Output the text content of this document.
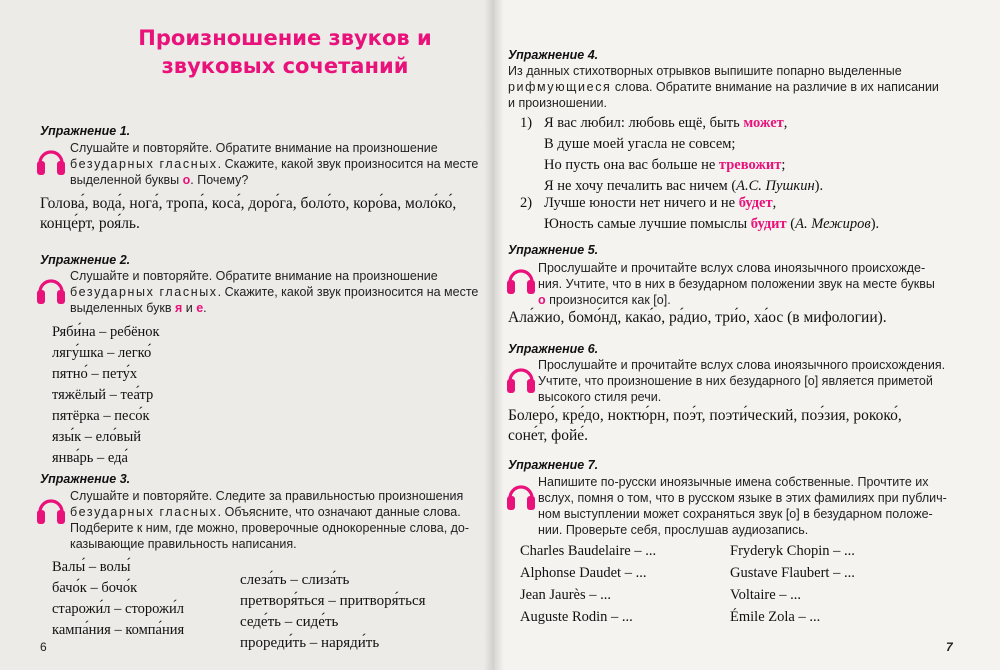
Произношение звуков и звуковых сочетаний
Упражнение 1.
Слушайте и повторяйте. Обратите внимание на произношение
безударных гласных. Скажите, какой звук произносится на месте
выделенной буквы о. Почему?
Голова́, вода́, нога́, тропа́, коса́, доро́га, боло́то, коро́ва, моло́ко́,
конце́рт, роя́ль.
Упражнение 2.
Слушайте и повторяйте. Обратите внимание на произношение
безударных гласных. Скажите, какой звук произносится на месте
выделенных букв я и е.
Ряби́на – ребёнок
лягу́шка – легко́
пятно́ – пету́х
тяжёлый – теа́тр
пятёрка – песо́к
язы́к – ело́вый
янва́рь – еда́
Упражнение 3.
Слушайте и повторяйте. Следите за правильностью произношения
безударных гласных. Объясните, что означают данные слова.
Подберите к ним, где можно, проверочные однокоренные слова, до-
казывающие правильность написания.
Валы́ – волы́
бачо́к – бочо́к
старожи́л – сторожи́л
кампа́ния – компа́ния
слеза́ть – слиза́ть
претворя́ться – притворя́ться
седе́ть – сиде́ть
прореди́ть – наряди́ть
6
Упражнение 4.
Из данных стихотворных отрывков выпишите попарно выделенные
рифмующиеся слова. Обратите внимание на различие в их написании
и произношении.
1) Я вас любил: любовь ещё, быть может,
В душе моей угасла не совсем;
Но пусть она вас больше не тревожит;
Я не хочу печалить вас ничем (А.С. Пушкин).
2) Лучше юности нет ничего и не будет,
Юность самые лучшие помыслы будит (А. Межиров).
Упражнение 5.
Прослушайте и прочитайте вслух слова иноязычного происхожде-
ния. Учтите, что в них в безударном положении звук на месте буквы
о произносится как [о].
Ала́жио, бомо́нд, кака́о, ра́дио, три́о, ха́ос (в мифологии).
Упражнение 6.
Прослушайте и прочитайте вслух слова иноязычного происхождения.
Учтите, что произношение в них безударного [о] является приметой
высокого стиля речи.
Болеро́, кре́до, ноктю́рн, поэ́т, поэти́ческий, поэ́зия, рококо́,
соне́т, фойе́.
Упражнение 7.
Напишите по-русски иноязычные имена собственные. Прочтите их
вслух, помня о том, что в русском языке в этих фамилиях при публич-
ном выступлении может сохраняться звук [о] в безударном положе-
нии. Проверьте себя, прослушав аудиозапись.
Charles Baudelaire – ...
Alphonse Daudet – ...
Jean Jaurès – ...
Auguste Rodin – ...
Fryderyk Chopin – ...
Gustave Flaubert – ...
Voltaire – ...
Émile Zola – ...
7
